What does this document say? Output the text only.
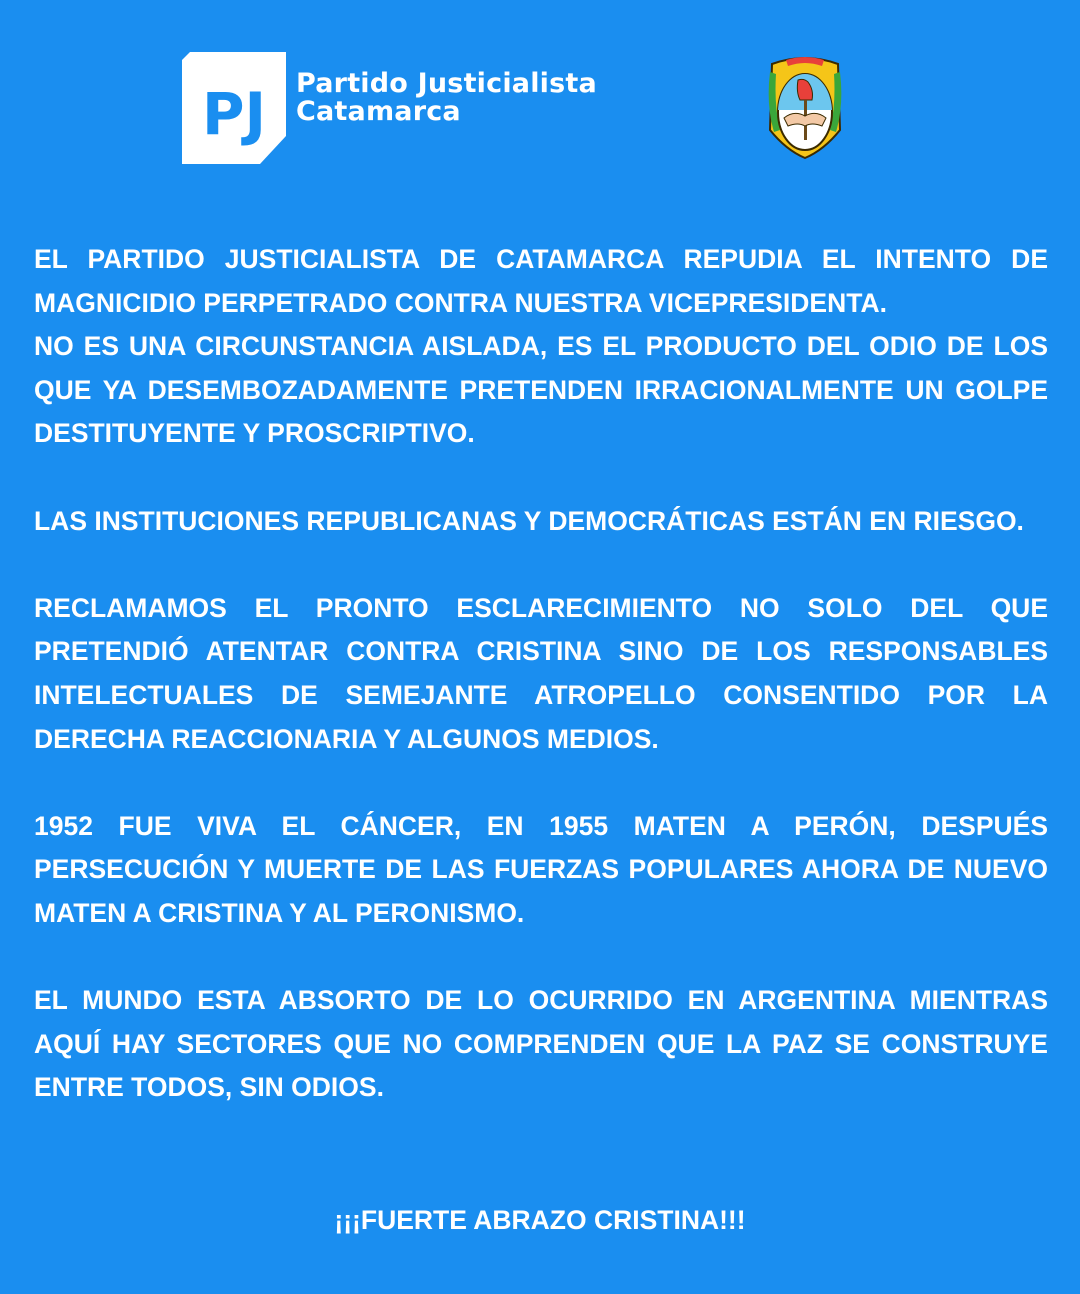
PJ Partido Justicialista
Catamarca

EL PARTIDO JUSTICIALISTA DE CATAMARCA REPUDIA EL INTENTO DE MAGNICIDIO PERPETRADO CONTRA NUESTRA VICEPRESIDENTA.

NO ES UNA CIRCUNSTANCIA AISLADA, ES EL PRODUCTO DEL ODIO DE LOS QUE YA DESEMBOZADAMENTE PRETENDEN IRRACIONALMENTE UN GOLPE DESTITUYENTE Y PROSCRIPTIVO.

LAS INSTITUCIONES REPUBLICANAS Y DEMOCRÁTICAS ESTÁN EN RIESGO.

RECLAMAMOS EL PRONTO ESCLARECIMIENTO NO SOLO DEL QUE PRETENDIÓ ATENTAR CONTRA CRISTINA SINO DE LOS RESPONSABLES INTELECTUALES DE SEMEJANTE ATROPELLO CONSENTIDO POR LA DERECHA REACCIONARIA Y ALGUNOS MEDIOS.

1952 FUE VIVA EL CÁNCER, EN 1955 MATEN A PERÓN, DESPUÉS PERSECUCIÓN Y MUERTE DE LAS FUERZAS POPULARES AHORA DE NUEVO MATEN A CRISTINA Y AL PERONISMO.

EL MUNDO ESTA ABSORTO DE LO OCURRIDO EN ARGENTINA MIENTRAS AQUÍ HAY SECTORES QUE NO COMPRENDEN QUE LA PAZ SE CONSTRUYE ENTRE TODOS, SIN ODIOS.

¡¡¡FUERTE ABRAZO CRISTINA!!!
